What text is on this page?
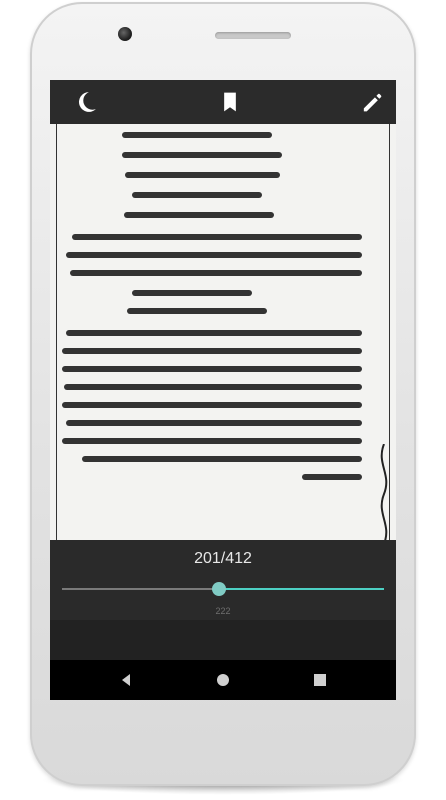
201/412
222
